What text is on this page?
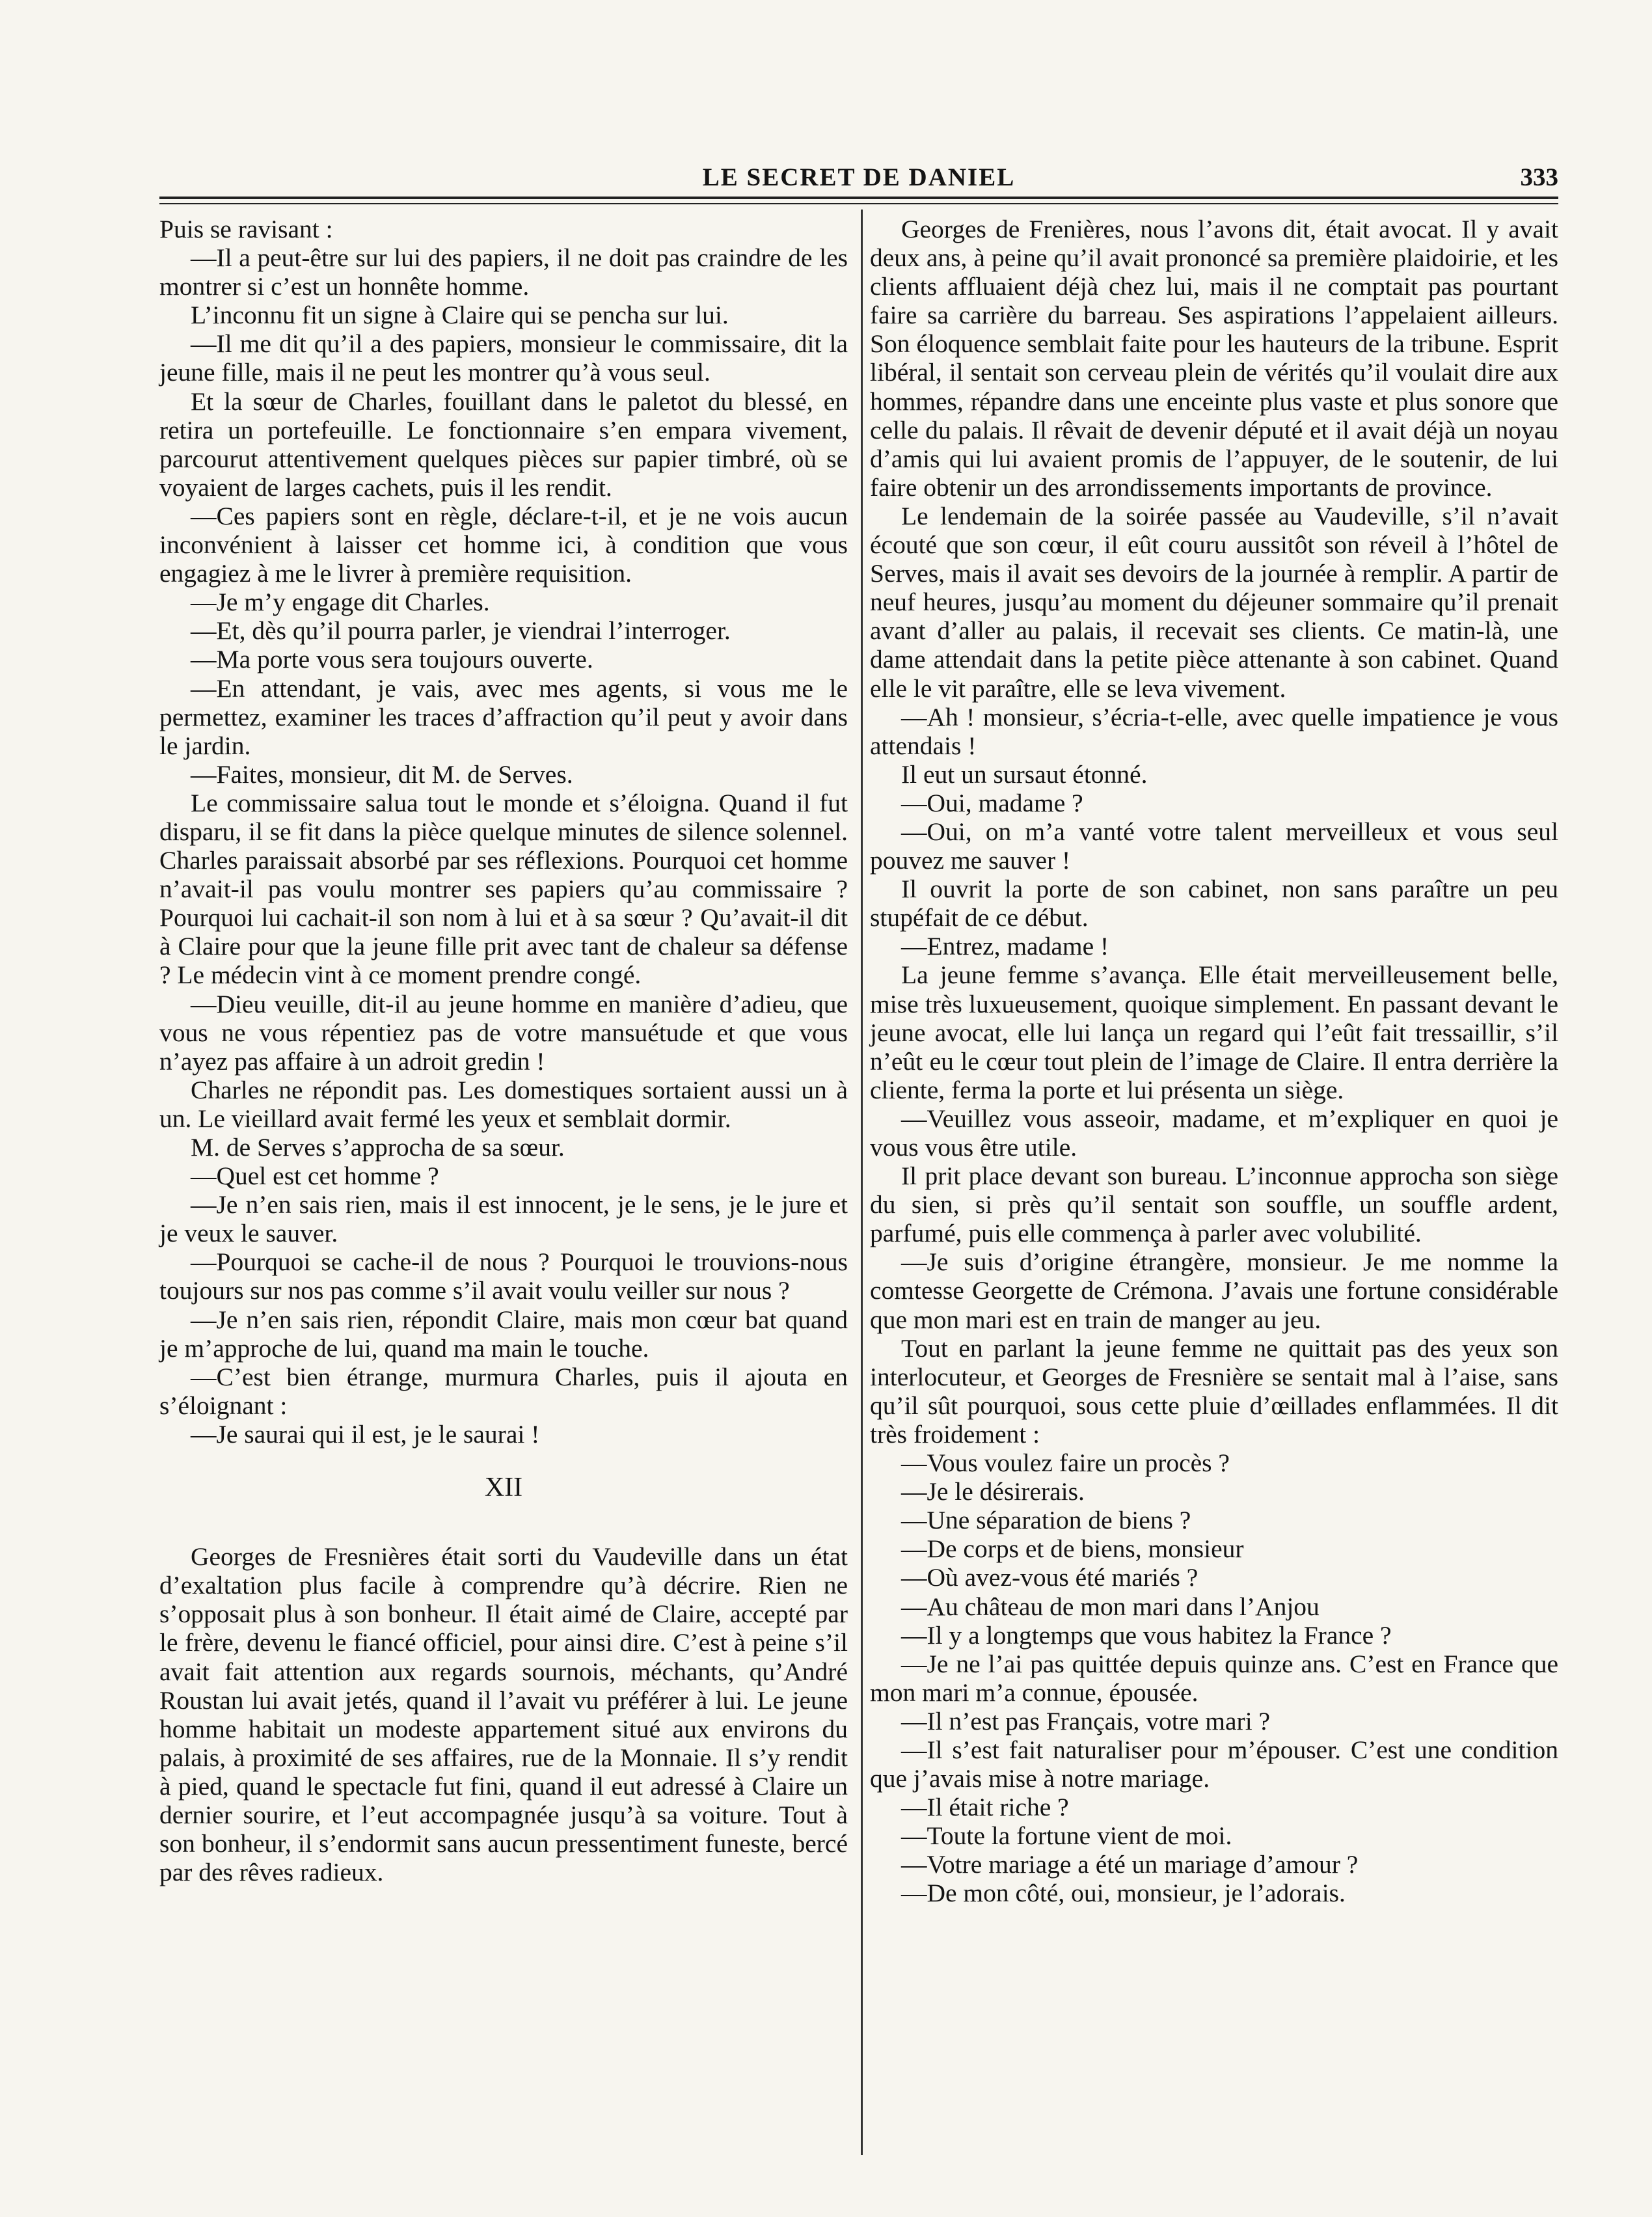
LE SECRET DE DANIEL	333

Puis se ravisant :

—Il a peut-être sur lui des papiers, il ne doit pas craindre de les montrer si c’est un honnête homme.

L’inconnu fit un signe à Claire qui se pencha sur lui.

—Il me dit qu’il a des papiers, monsieur le commissaire, dit la jeune fille, mais il ne peut les montrer qu’à vous seul.

Et la sœur de Charles, fouillant dans le paletot du blessé, en retira un portefeuille. Le fonctionnaire s’en empara vivement, parcourut attentivement quelques pièces sur papier timbré, où se voyaient de larges cachets, puis il les rendit.

—Ces papiers sont en règle, déclare-t-il, et je ne vois aucun inconvénient à laisser cet homme ici, à condition que vous engagiez à me le livrer à première requisition.

—Je m’y engage dit Charles.

—Et, dès qu’il pourra parler, je viendrai l’interroger.

—Ma porte vous sera toujours ouverte.

—En attendant, je vais, avec mes agents, si vous me le permettez, examiner les traces d’affraction qu’il peut y avoir dans le jardin.

—Faites, monsieur, dit M. de Serves.

Le commissaire salua tout le monde et s’éloigna. Quand il fut disparu, il se fit dans la pièce quelque minutes de silence solennel. Charles paraissait absorbé par ses réflexions. Pourquoi cet homme n’avait-il pas voulu montrer ses papiers qu’au commissaire ? Pourquoi lui cachait-il son nom à lui et à sa sœur ? Qu’avait-il dit à Claire pour que la jeune fille prit avec tant de chaleur sa défense ? Le médecin vint à ce moment prendre congé.

—Dieu veuille, dit-il au jeune homme en manière d’adieu, que vous ne vous répentiez pas de votre mansuétude et que vous n’ayez pas affaire à un adroit gredin !

Charles ne répondit pas. Les domestiques sortaient aussi un à un. Le vieillard avait fermé les yeux et semblait dormir.

M. de Serves s’approcha de sa sœur.

—Quel est cet homme ?

—Je n’en sais rien, mais il est innocent, je le sens, je le jure et je veux le sauver.

—Pourquoi se cache-il de nous ? Pourquoi le trouvions-nous toujours sur nos pas comme s’il avait voulu veiller sur nous ?

—Je n’en sais rien, répondit Claire, mais mon cœur bat quand je m’approche de lui, quand ma main le touche.

—C’est bien étrange, murmura Charles, puis il ajouta en s’éloignant :

—Je saurai qui il est, je le saurai !

XII

Georges de Fresnières était sorti du Vaudeville dans un état d’exaltation plus facile à comprendre qu’à décrire. Rien ne s’opposait plus à son bonheur. Il était aimé de Claire, accepté par le frère, devenu le fiancé officiel, pour ainsi dire. C’est à peine s’il avait fait attention aux regards sournois, méchants, qu’André Roustan lui avait jetés, quand il l’avait vu préférer à lui. Le jeune homme habitait un modeste appartement situé aux environs du palais, à proximité de ses affaires, rue de la Monnaie. Il s’y rendit à pied, quand le spectacle fut fini, quand il eut adressé à Claire un dernier sourire, et l’eut accompagnée jusqu’à sa voiture. Tout à son bonheur, il s’endormit sans aucun pressentiment funeste, bercé par des rêves radieux.

Georges de Frenières, nous l’avons dit, était avocat. Il y avait deux ans, à peine qu’il avait prononcé sa première plaidoirie, et les clients affluaient déjà chez lui, mais il ne comptait pas pourtant faire sa carrière du barreau. Ses aspirations l’appelaient ailleurs. Son éloquence semblait faite pour les hauteurs de la tribune. Esprit libéral, il sentait son cerveau plein de vérités qu’il voulait dire aux hommes, répandre dans une enceinte plus vaste et plus sonore que celle du palais. Il rêvait de devenir député et il avait déjà un noyau d’amis qui lui avaient promis de l’appuyer, de le soutenir, de lui faire obtenir un des arrondissements importants de province.

Le lendemain de la soirée passée au Vaudeville, s’il n’avait écouté que son cœur, il eût couru aussitôt son réveil à l’hôtel de Serves, mais il avait ses devoirs de la journée à remplir. A partir de neuf heures, jusqu’au moment du déjeuner sommaire qu’il prenait avant d’aller au palais, il recevait ses clients. Ce matin-là, une dame attendait dans la petite pièce attenante à son cabinet. Quand elle le vit paraître, elle se leva vivement.

—Ah ! monsieur, s’écria-t-elle, avec quelle impatience je vous attendais !

Il eut un sursaut étonné.

—Oui, madame ?

—Oui, on m’a vanté votre talent merveilleux et vous seul pouvez me sauver !

Il ouvrit la porte de son cabinet, non sans paraître un peu stupéfait de ce début.

—Entrez, madame !

La jeune femme s’avança. Elle était merveilleusement belle, mise très luxueusement, quoique simplement. En passant devant le jeune avocat, elle lui lança un regard qui l’eût fait tressaillir, s’il n’eût eu le cœur tout plein de l’image de Claire. Il entra derrière la cliente, ferma la porte et lui présenta un siège.

—Veuillez vous asseoir, madame, et m’expliquer en quoi je vous vous être utile.

Il prit place devant son bureau. L’inconnue approcha son siège du sien, si près qu’il sentait son souffle, un souffle ardent, parfumé, puis elle commença à parler avec volubilité.

—Je suis d’origine étrangère, monsieur. Je me nomme la comtesse Georgette de Crémona. J’avais une fortune considérable que mon mari est en train de manger au jeu.

Tout en parlant la jeune femme ne quittait pas des yeux son interlocuteur, et Georges de Fresnière se sentait mal à l’aise, sans qu’il sût pourquoi, sous cette pluie d’œillades enflammées. Il dit très froidement :

—Vous voulez faire un procès ?

—Je le désirerais.

—Une séparation de biens ?

—De corps et de biens, monsieur

—Où avez-vous été mariés ?

—Au château de mon mari dans l’Anjou

—Il y a longtemps que vous habitez la France ?

—Je ne l’ai pas quittée depuis quinze ans. C’est en France que mon mari m’a connue, épousée.

—Il n’est pas Français, votre mari ?

—Il s’est fait naturaliser pour m’épouser. C’est une condition que j’avais mise à notre mariage.

—Il était riche ?

—Toute la fortune vient de moi.

—Votre mariage a été un mariage d’amour ?

—De mon côté, oui, monsieur, je l’adorais.
